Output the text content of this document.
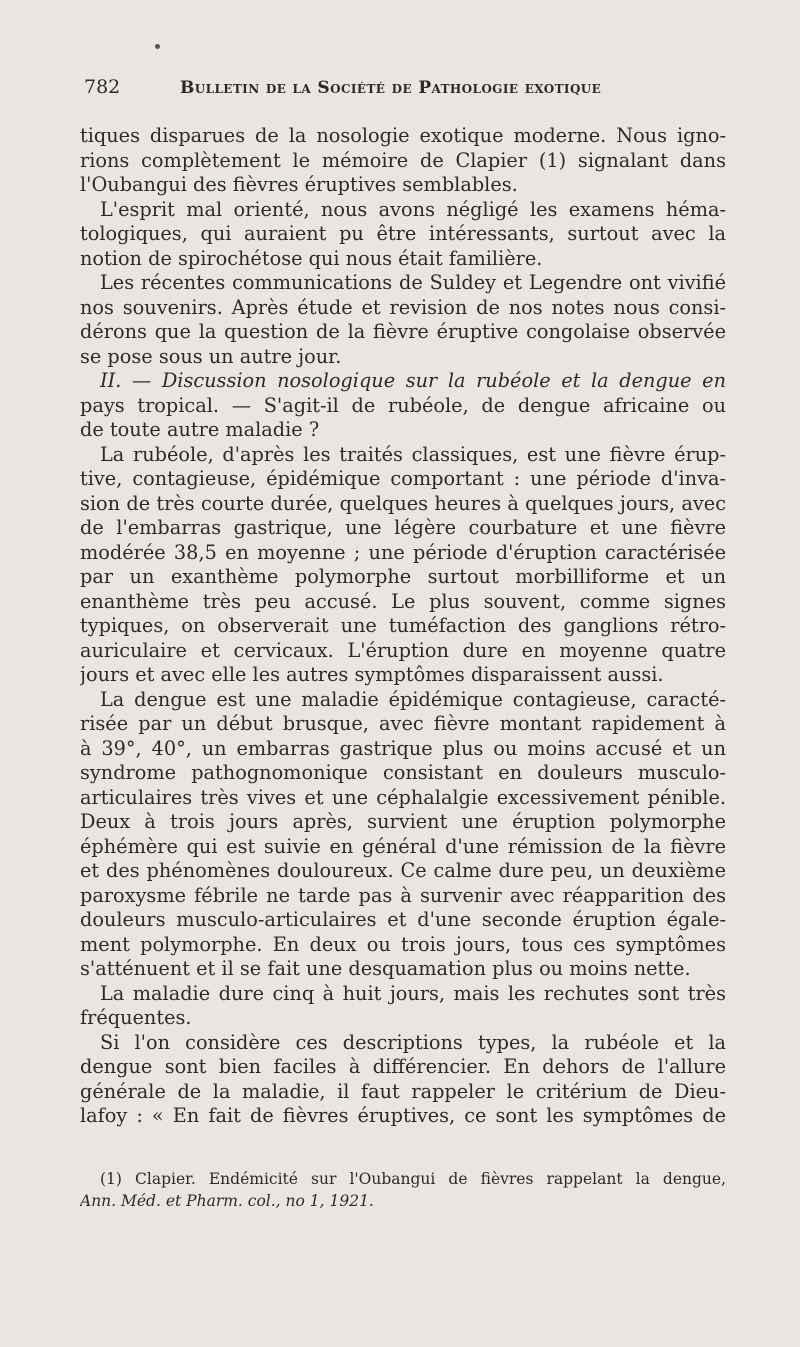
782	Bulletin de la Société de Pathologie exotique
tiques disparues de la nosologie exotique moderne. Nous igno-
rions complètement le mémoire de Clapier (1) signalant dans
l'Oubangui des fièvres éruptives semblables.
L'esprit mal orienté, nous avons négligé les examens héma-
tologiques, qui auraient pu être intéressants, surtout avec la
notion de spirochétose qui nous était familière.
Les récentes communications de Suldey et Legendre ont vivifié
nos souvenirs. Après étude et revision de nos notes nous consi-
dérons que la question de la fièvre éruptive congolaise observée
se pose sous un autre jour.
II. — Discussion nosologique sur la rubéole et la dengue en
pays tropical. — S'agit-il de rubéole, de dengue africaine ou
de toute autre maladie ?
La rubéole, d'après les traités classiques, est une fièvre érup-
tive, contagieuse, épidémique comportant : une période d'inva-
sion de très courte durée, quelques heures à quelques jours, avec
de l'embarras gastrique, une légère courbature et une fièvre
modérée 38,5 en moyenne ; une période d'éruption caractérisée
par un exanthème polymorphe surtout morbilliforme et un
enanthème très peu accusé. Le plus souvent, comme signes
typiques, on observerait une tuméfaction des ganglions rétro-
auriculaire et cervicaux. L'éruption dure en moyenne quatre
jours et avec elle les autres symptômes disparaissent aussi.
La dengue est une maladie épidémique contagieuse, caracté-
risée par un début brusque, avec fièvre montant rapidement à
à 39°, 40°, un embarras gastrique plus ou moins accusé et un
syndrome pathognomonique consistant en douleurs musculo-
articulaires très vives et une céphalalgie excessivement pénible.
Deux à trois jours après, survient une éruption polymorphe
éphémère qui est suivie en général d'une rémission de la fièvre
et des phénomènes douloureux. Ce calme dure peu, un deuxième
paroxysme fébrile ne tarde pas à survenir avec réapparition des
douleurs musculo-articulaires et d'une seconde éruption égale-
ment polymorphe. En deux ou trois jours, tous ces symptômes
s'atténuent et il se fait une desquamation plus ou moins nette.
La maladie dure cinq à huit jours, mais les rechutes sont très
fréquentes.
Si l'on considère ces descriptions types, la rubéole et la
dengue sont bien faciles à différencier. En dehors de l'allure
générale de la maladie, il faut rappeler le critérium de Dieu-
lafoy : « En fait de fièvres éruptives, ce sont les symptômes de
(1) Clapier. Endémicité sur l'Oubangui de fièvres rappelant la dengue,
Ann. Méd. et Pharm. col., no 1, 1921.
